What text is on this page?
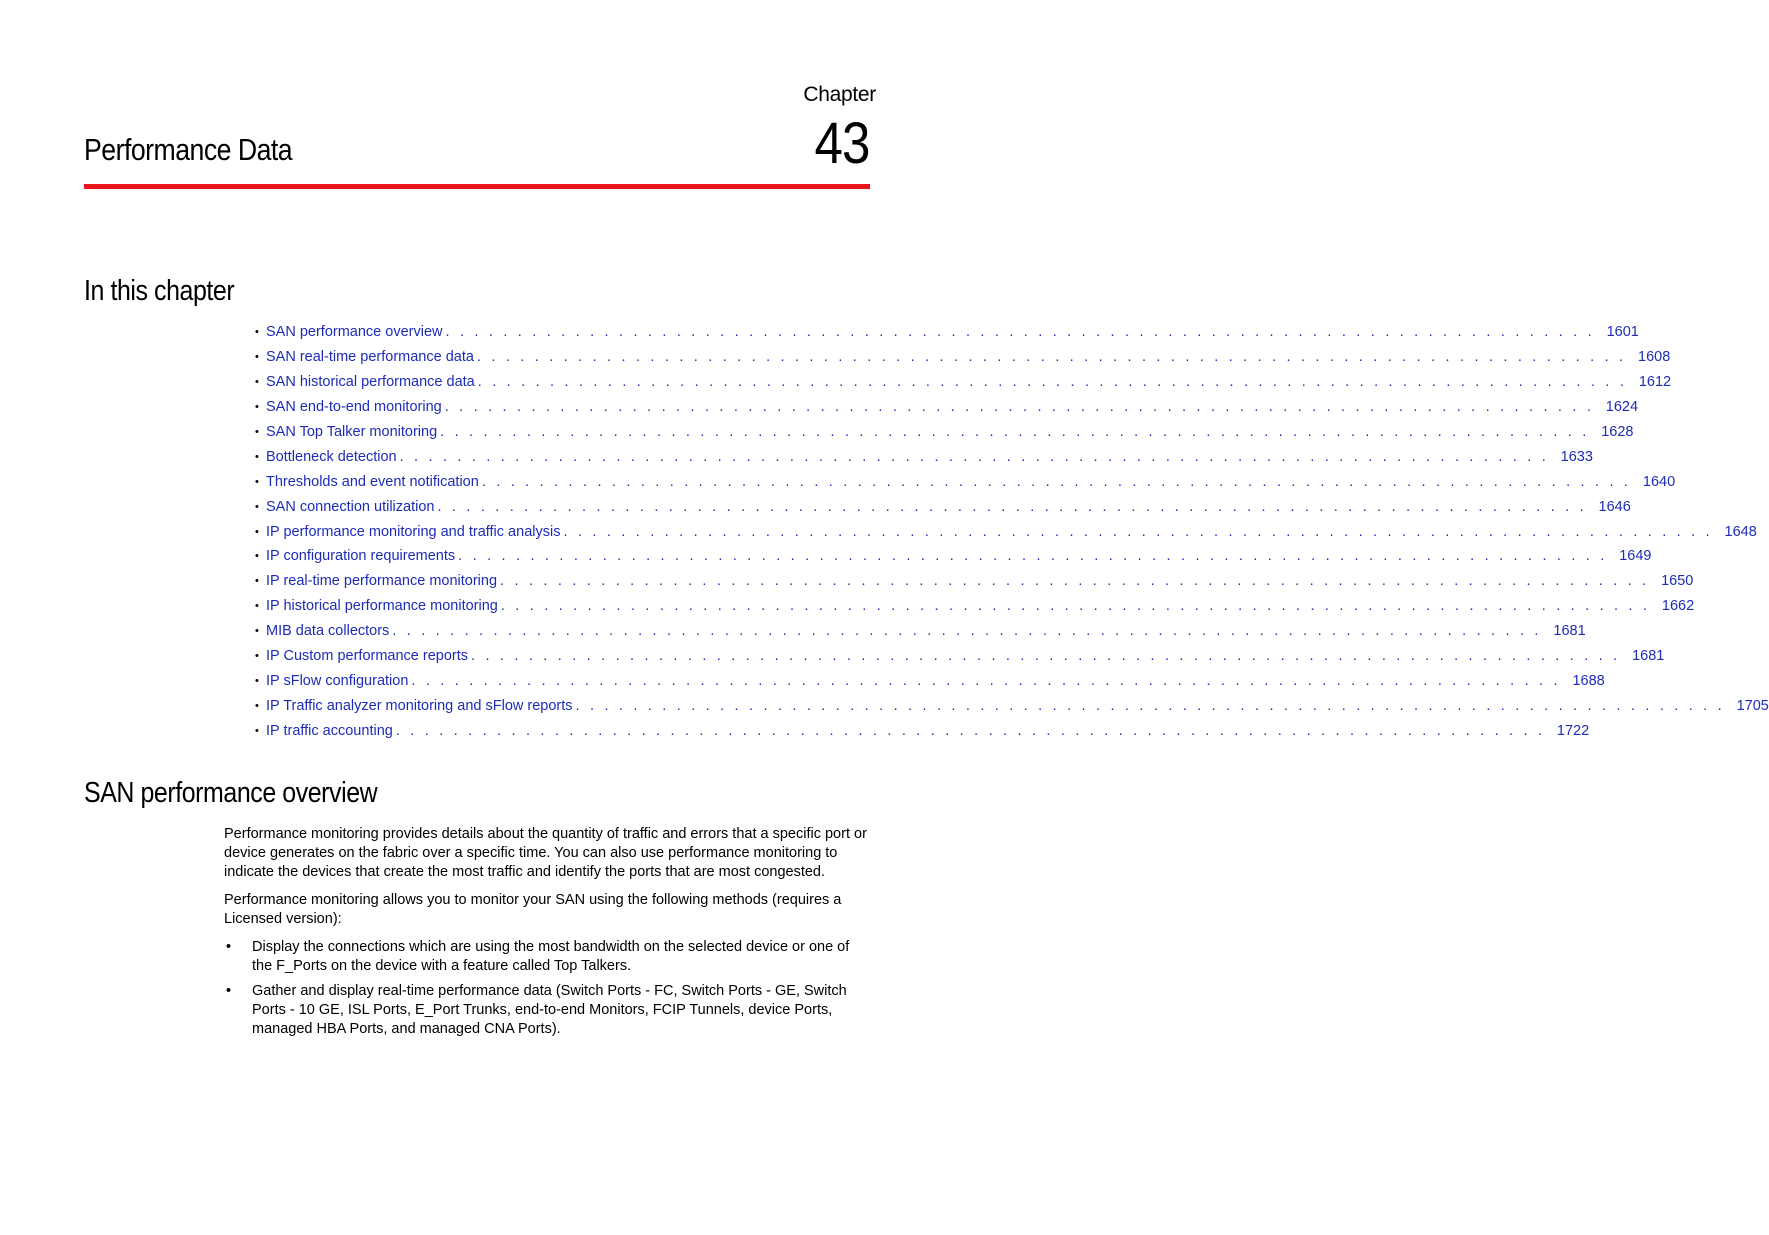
Chapter
43
Performance Data
In this chapter
• SAN performance overview . . . . . . . . . . . . . . . . . . . . . . . . . . . . . . . . . . . . . . . . . . . . . . . . . . . . . . . . . . . . . . . . . . . . . . . . . . . . . . . . 1601
• SAN real-time performance data . . . . . . . . . . . . . . . . . . . . . . . . . . . . . . . . . . . . . . . . . . . . . . . . . . . . . . . . . . . . . . . . . . . . . . . . . . . . . . . . 1608
• SAN historical performance data . . . . . . . . . . . . . . . . . . . . . . . . . . . . . . . . . . . . . . . . . . . . . . . . . . . . . . . . . . . . . . . . . . . . . . . . . . . . . . . . 1612
• SAN end-to-end monitoring . . . . . . . . . . . . . . . . . . . . . . . . . . . . . . . . . . . . . . . . . . . . . . . . . . . . . . . . . . . . . . . . . . . . . . . . . . . . . . . . 1624
• SAN Top Talker monitoring . . . . . . . . . . . . . . . . . . . . . . . . . . . . . . . . . . . . . . . . . . . . . . . . . . . . . . . . . . . . . . . . . . . . . . . . . . . . . . . . 1628
• Bottleneck detection . . . . . . . . . . . . . . . . . . . . . . . . . . . . . . . . . . . . . . . . . . . . . . . . . . . . . . . . . . . . . . . . . . . . . . . . . . . . . . . . 1633
• Thresholds and event notification . . . . . . . . . . . . . . . . . . . . . . . . . . . . . . . . . . . . . . . . . . . . . . . . . . . . . . . . . . . . . . . . . . . . . . . . . . . . . . . . 1640
• SAN connection utilization . . . . . . . . . . . . . . . . . . . . . . . . . . . . . . . . . . . . . . . . . . . . . . . . . . . . . . . . . . . . . . . . . . . . . . . . . . . . . . . . 1646
• IP performance monitoring and traffic analysis . . . . . . . . . . . . . . . . . . . . . . . . . . . . . . . . . . . . . . . . . . . . . . . . . . . . . . . . . . . . . . . . . . . . . . . . . . . . . . . . 1648
• IP configuration requirements . . . . . . . . . . . . . . . . . . . . . . . . . . . . . . . . . . . . . . . . . . . . . . . . . . . . . . . . . . . . . . . . . . . . . . . . . . . . . . . . 1649
• IP real-time performance monitoring . . . . . . . . . . . . . . . . . . . . . . . . . . . . . . . . . . . . . . . . . . . . . . . . . . . . . . . . . . . . . . . . . . . . . . . . . . . . . . . . 1650
• IP historical performance monitoring . . . . . . . . . . . . . . . . . . . . . . . . . . . . . . . . . . . . . . . . . . . . . . . . . . . . . . . . . . . . . . . . . . . . . . . . . . . . . . . . 1662
• MIB data collectors . . . . . . . . . . . . . . . . . . . . . . . . . . . . . . . . . . . . . . . . . . . . . . . . . . . . . . . . . . . . . . . . . . . . . . . . . . . . . . . . 1681
• IP Custom performance reports . . . . . . . . . . . . . . . . . . . . . . . . . . . . . . . . . . . . . . . . . . . . . . . . . . . . . . . . . . . . . . . . . . . . . . . . . . . . . . . . 1681
• IP sFlow configuration . . . . . . . . . . . . . . . . . . . . . . . . . . . . . . . . . . . . . . . . . . . . . . . . . . . . . . . . . . . . . . . . . . . . . . . . . . . . . . . . 1688
• IP Traffic analyzer monitoring and sFlow reports . . . . . . . . . . . . . . . . . . . . . . . . . . . . . . . . . . . . . . . . . . . . . . . . . . . . . . . . . . . . . . . . . . . . . . . . . . . . . . . . 1705
• IP traffic accounting . . . . . . . . . . . . . . . . . . . . . . . . . . . . . . . . . . . . . . . . . . . . . . . . . . . . . . . . . . . . . . . . . . . . . . . . . . . . . . . . 1722
SAN performance overview

Performance monitoring provides details about the quantity of traffic and errors that a specific port or device generates on the fabric over a specific time. You can also use performance monitoring to indicate the devices that create the most traffic and identify the ports that are most congested.

Performance monitoring allows you to monitor your SAN using the following methods (requires a Licensed version):

• Display the connections which are using the most bandwidth on the selected device or one of the F_Ports on the device with a feature called Top Talkers.
• Gather and display real-time performance data (Switch Ports - FC, Switch Ports - GE, Switch Ports - 10 GE, ISL Ports, E_Port Trunks, end-to-end Monitors, FCIP Tunnels, device Ports, managed HBA Ports, and managed CNA Ports).
